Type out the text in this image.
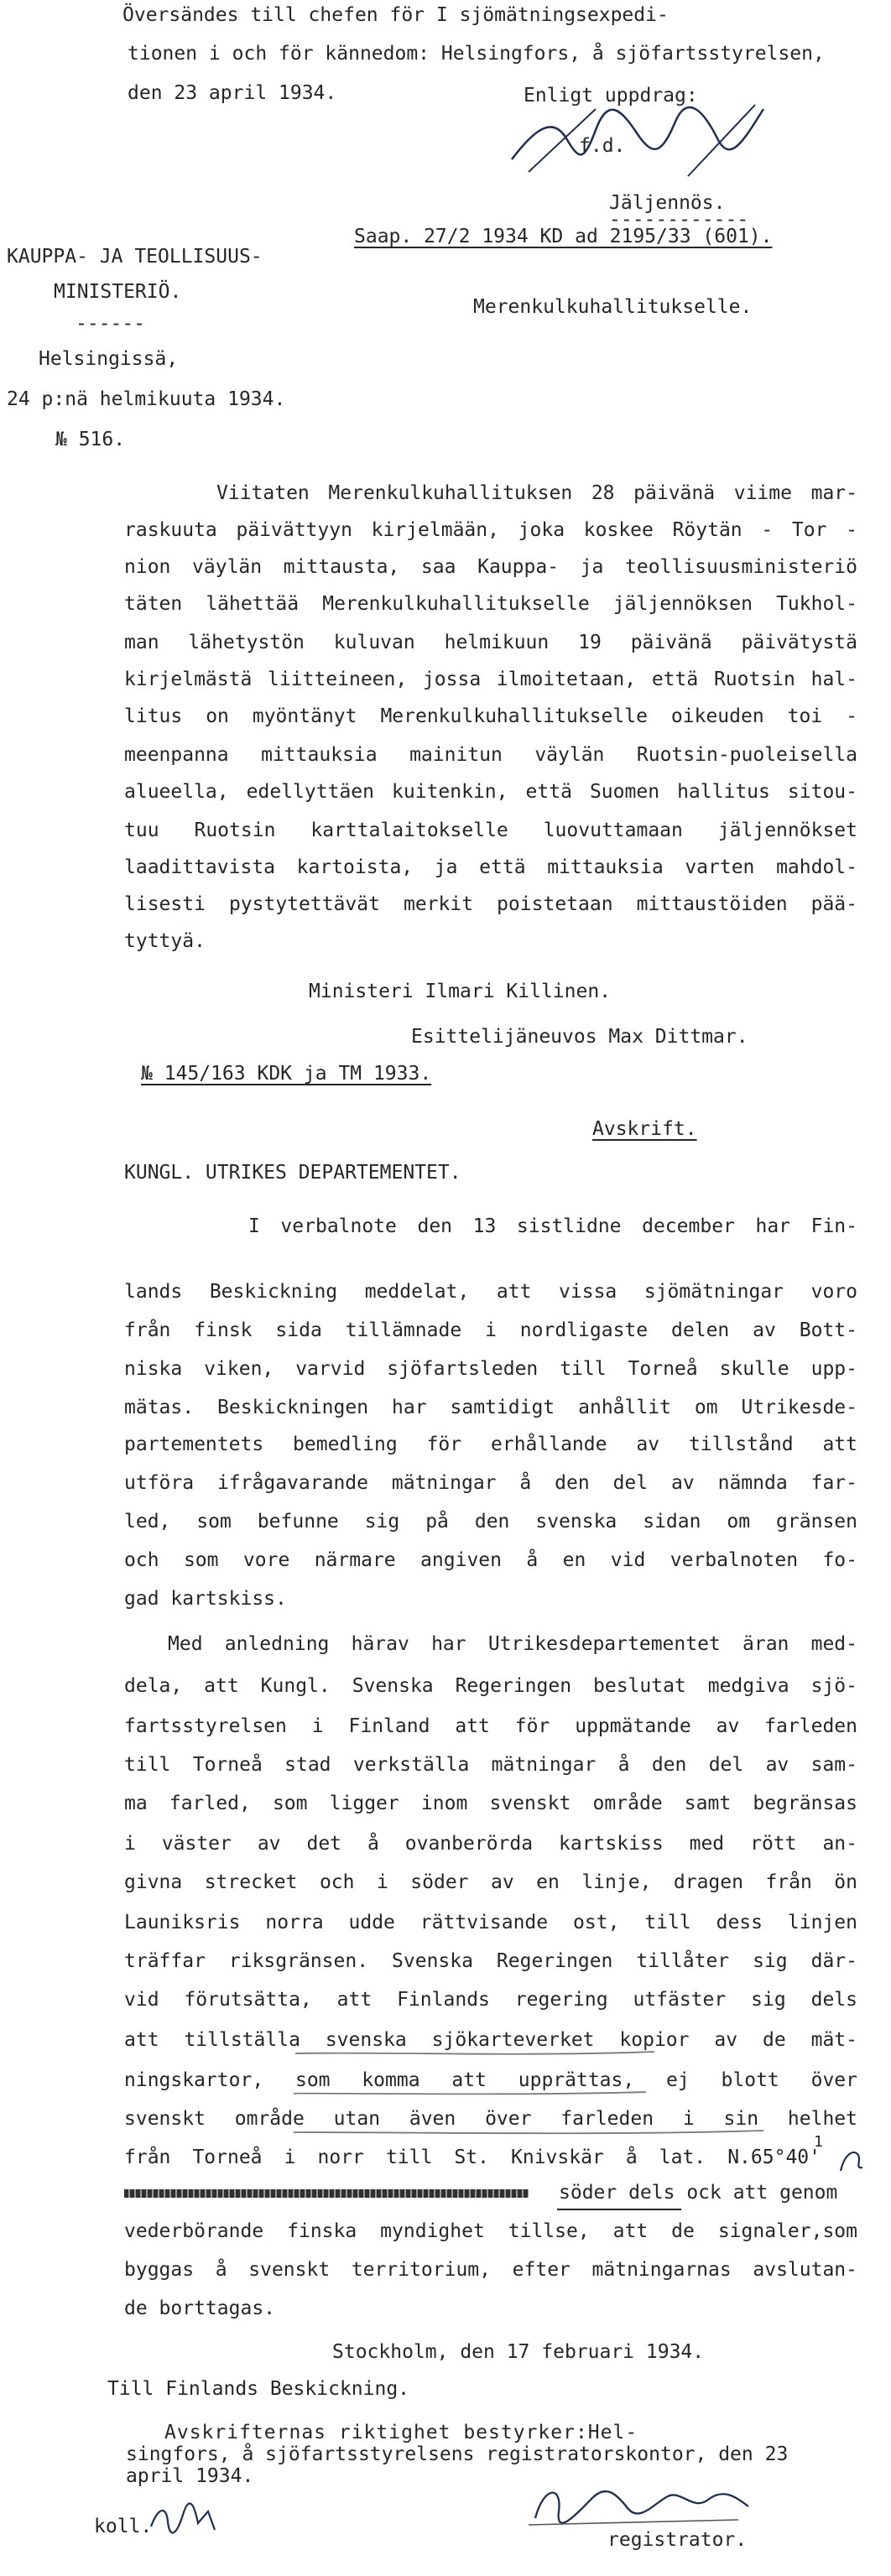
Översändes till chefen för I sjömätningsexpedi-
tionen i och för kännedom: Helsingfors, å sjöfartsstyrelsen,
den 23 april 1934.	Enligt uppdrag:
f.d.
Jäljennös.
------------
Saap. 27/2 1934 KD ad 2195/33 (601).
KAUPPA- JA TEOLLISUUS-
MINISTERIÖ.
------
Helsingissä,
24 p:nä helmikuuta 1934.
№ 516.
Merenkulkuhallitukselle.
Viitaten Merenkulkuhallituksen 28 päivänä viime mar-
raskuuta päivättyyn kirjelmään, joka koskee Röytän - Tor -
nion väylän mittausta, saa Kauppa- ja teollisuusministeriö
täten lähettää Merenkulkuhallitukselle jäljennöksen Tukhol-
man lähetystön kuluvan helmikuun 19 päivänä päivätystä
kirjelmästä liitteineen, jossa ilmoitetaan, että Ruotsin hal-
litus on myöntänyt Merenkulkuhallitukselle oikeuden toi -
meenpanna mittauksia mainitun väylän Ruotsin-puoleisella
alueella, edellyttäen kuitenkin, että Suomen hallitus sitou-
tuu Ruotsin karttalaitokselle luovuttamaan jäljennökset
laadittavista kartoista, ja että mittauksia varten mahdol-
lisesti pystytettävät merkit poistetaan mittaustöiden pää-
tyttyä.
Ministeri Ilmari Killinen.
Esittelijäneuvos Max Dittmar.
№ 145/163 KDK ja TM 1933.
Avskrift.
KUNGL. UTRIKES DEPARTEMENTET.
I verbalnote den 13 sistlidne december har Fin-
lands Beskickning meddelat, att vissa sjömätningar voro
från finsk sida tillämnade i nordligaste delen av Bott-
niska viken, varvid sjöfartsleden till Torneå skulle upp-
mätas. Beskickningen har samtidigt anhållit om Utrikesde-
partementets bemedling för erhållande av tillstånd att
utföra ifrågavarande mätningar å den del av nämnda far-
led, som befunne sig på den svenska sidan om gränsen
och som vore närmare angiven å en vid verbalnoten fo-
gad kartskiss.
Med anledning härav har Utrikesdepartementet äran med-
dela, att Kungl. Svenska Regeringen beslutat medgiva sjö-
fartsstyrelsen i Finland att för uppmätande av farleden
till Torneå stad verkställa mätningar å den del av sam-
ma farled, som ligger inom svenskt område samt begränsas
i väster av det å ovanberörda kartskiss med rött an-
givna strecket och i söder av en linje, dragen från ön
Launiksris norra udde rättvisande ost, till dess linjen
träffar riksgränsen. Svenska Regeringen tillåter sig där-
vid förutsätta, att Finlands regering utfäster sig dels
att tillställa svenska sjökarteverket kopior av de mät-
ningskartor, som komma att upprättas, ej blott över
svenskt område utan även över farleden i sin helhet
från Torneå i norr till St. Knivskär å lat. N.65°40'
1
söder dels ock att genom
vederbörande finska myndighet tillse, att de signaler,som
byggas å svenskt territorium, efter mätningarnas avslutan-
de borttagas.
Stockholm, den 17 februari 1934.
Till Finlands Beskickning.
Avskrifternas riktighet bestyrker:Hel-
singfors, å sjöfartsstyrelsens registratorskontor, den 23
april 1934.
koll.
registrator.
